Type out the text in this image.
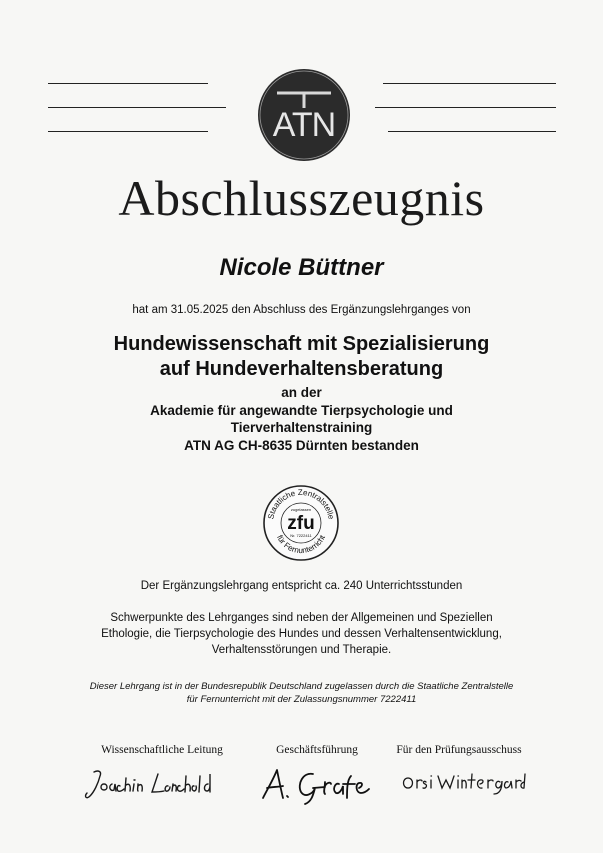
ATN
Abschlusszeugnis
Nicole Büttner
hat am 31.05.2025 den Abschluss des Ergänzungslehrganges von
Hundewissenschaft mit Spezialisierung
auf Hundeverhaltensberatung
an der
Akademie für angewandte Tierpsychologie und
Tierverhaltenstraining
ATN AG CH-8635 Dürnten bestanden
Staatliche Zentralstelle
zugelassen
zfu
Nr. 7222411
für Fernunterricht
Der Ergänzungslehrgang entspricht ca. 240 Unterrichtsstunden
Schwerpunkte des Lehrganges sind neben der Allgemeinen und Speziellen
Ethologie, die Tierpsychologie des Hundes und dessen Verhaltensentwicklung,
Verhaltensstörungen und Therapie.
Dieser Lehrgang ist in der Bundesrepublik Deutschland zugelassen durch die Staatliche Zentralstelle
für Fernunterricht mit der Zulassungsnummer 7222411
Wissenschaftliche Leitung	Geschäftsführung	Für den Prüfungsausschuss
